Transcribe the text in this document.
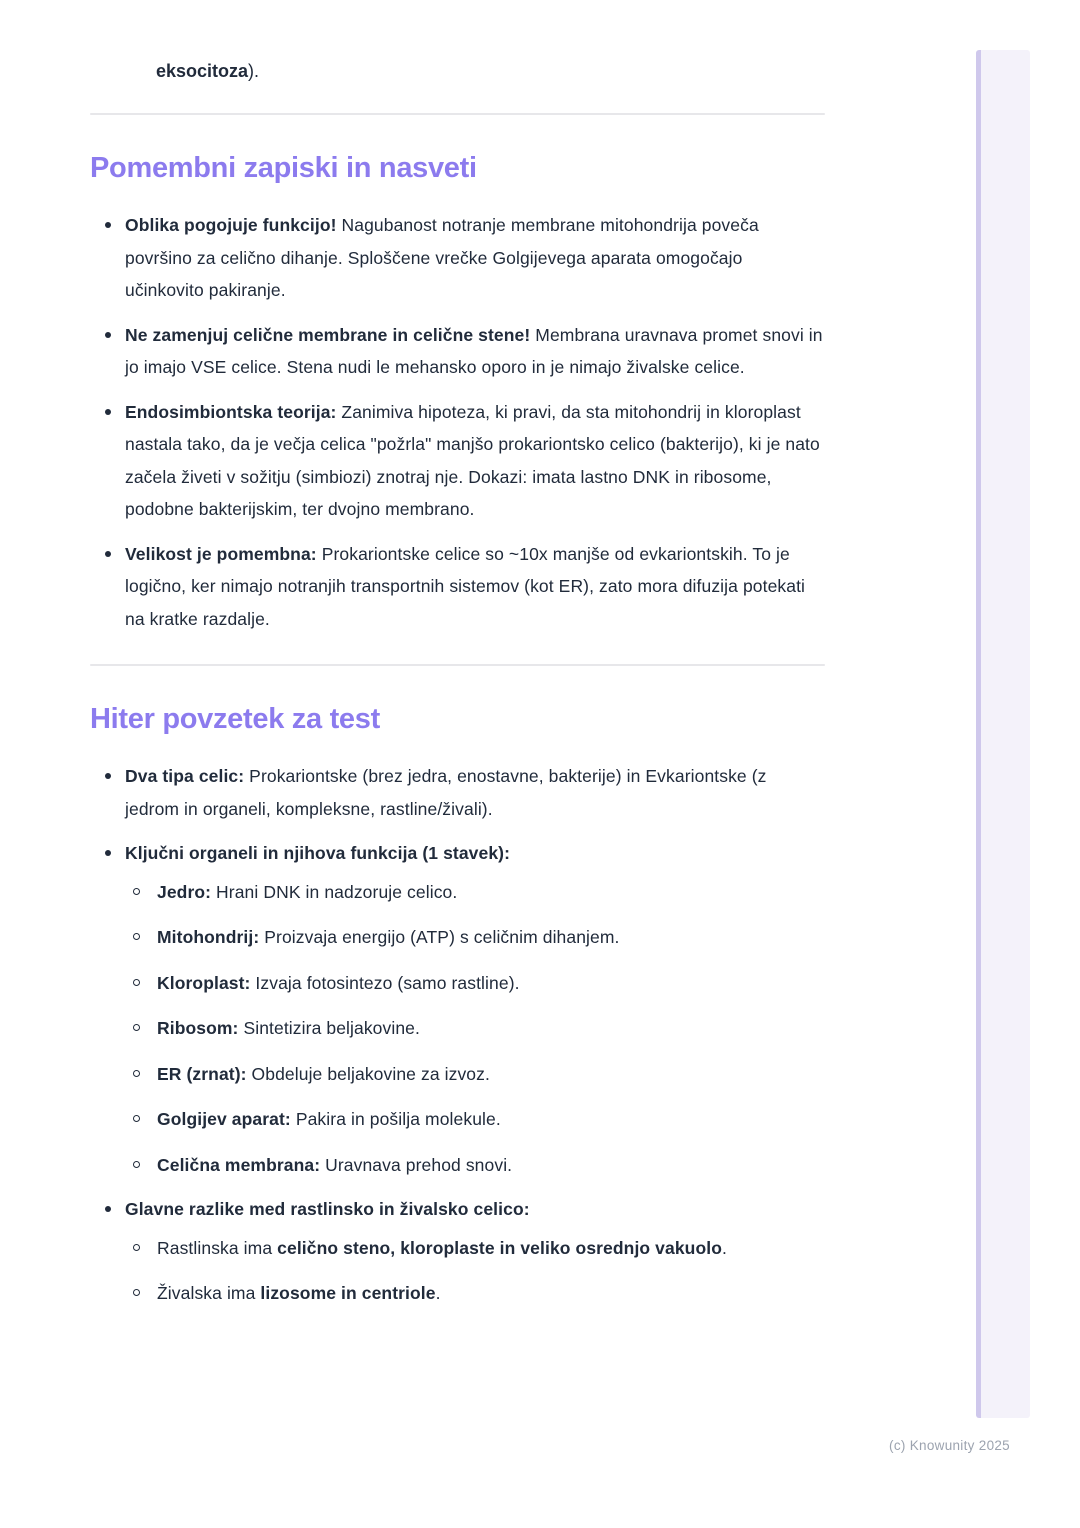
eksocitoza).

Pomembni zapiski in nasveti
Oblika pogojuje funkcijo! Nagubanost notranje membrane mitohondrija poveča površino za celično dihanje. Sploščene vrečke Golgijevega aparata omogočajo učinkovito pakiranje.
Ne zamenjuj celične membrane in celične stene! Membrana uravnava promet snovi in jo imajo VSE celice. Stena nudi le mehansko oporo in je nimajo živalske celice.
Endosimbiontska teorija: Zanimiva hipoteza, ki pravi, da sta mitohondrij in kloroplast nastala tako, da je večja celica "požrla" manjšo prokariontsko celico (bakterijo), ki je nato začela živeti v sožitju (simbiozi) znotraj nje. Dokazi: imata lastno DNK in ribosome, podobne bakterijskim, ter dvojno membrano.
Velikost je pomembna: Prokariontske celice so ~10x manjše od evkariontskih. To je logično, ker nimajo notranjih transportnih sistemov (kot ER), zato mora difuzija potekati na kratke razdalje.
Hiter povzetek za test
Dva tipa celic: Prokariontske (brez jedra, enostavne, bakterije) in Evkariontske (z jedrom in organeli, kompleksne, rastline/živali).
Ključni organeli in njihova funkcija (1 stavek):
Jedro: Hrani DNK in nadzoruje celico.
Mitohondrij: Proizvaja energijo (ATP) s celičnim dihanjem.
Kloroplast: Izvaja fotosintezo (samo rastline).
Ribosom: Sintetizira beljakovine.
ER (zrnat): Obdeluje beljakovine za izvoz.
Golgijev aparat: Pakira in pošilja molekule.
Celična membrana: Uravnava prehod snovi.
Glavne razlike med rastlinsko in živalsko celico:
Rastlinska ima celično steno, kloroplaste in veliko osrednjo vakuolo.
Živalska ima lizosome in centriole.
(c) Knowunity 2025
